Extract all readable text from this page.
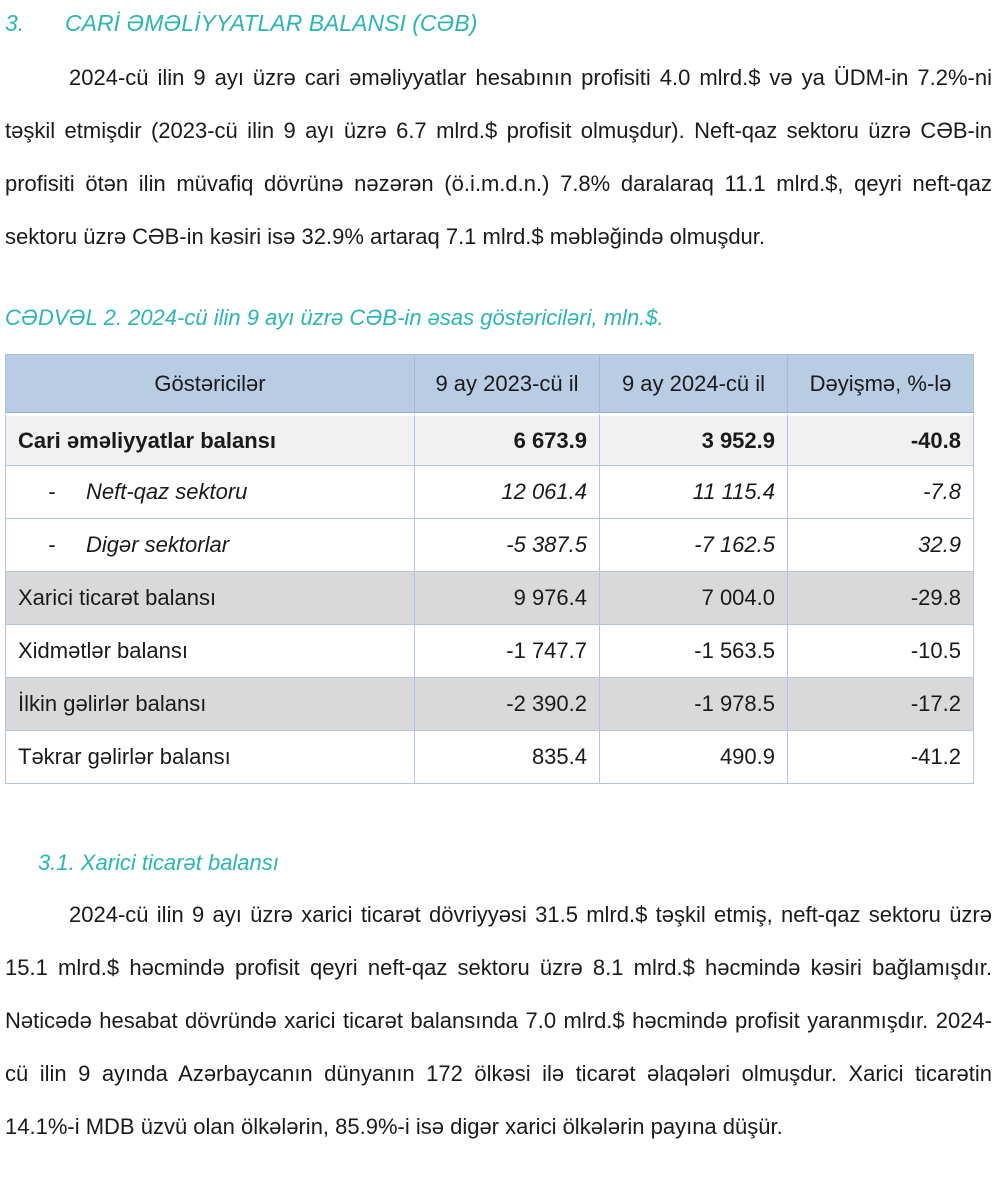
3. CARİ ƏMƏLİYYATLAR BALANSI (CƏB)

2024-cü ilin 9 ayı üzrə cari əməliyyatlar hesabının profisiti 4.0 mlrd.$ və ya ÜDM-in 7.2%-ni təşkil etmişdir (2023-cü ilin 9 ayı üzrə 6.7 mlrd.$ profisit olmuşdur). Neft-qaz sektoru üzrə CƏB-in profisiti ötən ilin müvafiq dövrünə nəzərən (ö.i.m.d.n.) 7.8% daralaraq 11.1 mlrd.$, qeyri neft-qaz sektoru üzrə CƏB-in kəsiri isə 32.9% artaraq 7.1 mlrd.$ məbləğində olmuşdur.

CƏDVƏL 2. 2024-cü ilin 9 ayı üzrə CƏB-in əsas göstəriciləri, mln.$.
Göstəricilər	9 ay 2023-cü il	9 ay 2024-cü il	Dəyişmə, %-lə
Cari əməliyyatlar balansı	6 673.9	3 952.9	-40.8
- Neft-qaz sektoru	12 061.4	11 115.4	-7.8
- Digər sektorlar	-5 387.5	-7 162.5	32.9
Xarici ticarət balansı	9 976.4	7 004.0	-29.8
Xidmətlər balansı	-1 747.7	-1 563.5	-10.5
İlkin gəlirlər balansı	-2 390.2	-1 978.5	-17.2
Təkrar gəlirlər balansı	835.4	490.9	-41.2
3.1. Xarici ticarət balansı

2024-cü ilin 9 ayı üzrə xarici ticarət dövriyyəsi 31.5 mlrd.$ təşkil etmiş, neft-qaz sektoru üzrə 15.1 mlrd.$ həcmində profisit qeyri neft-qaz sektoru üzrə 8.1 mlrd.$ həcmində kəsiri bağlamışdır. Nəticədə hesabat dövründə xarici ticarət balansında 7.0 mlrd.$ həcmində profisit yaranmışdır. 2024-cü ilin 9 ayında Azərbaycanın dünyanın 172 ölkəsi ilə ticarət əlaqələri olmuşdur. Xarici ticarətin 14.1%-i MDB üzvü olan ölkələrin, 85.9%-i isə digər xarici ölkələrin payına düşür.
